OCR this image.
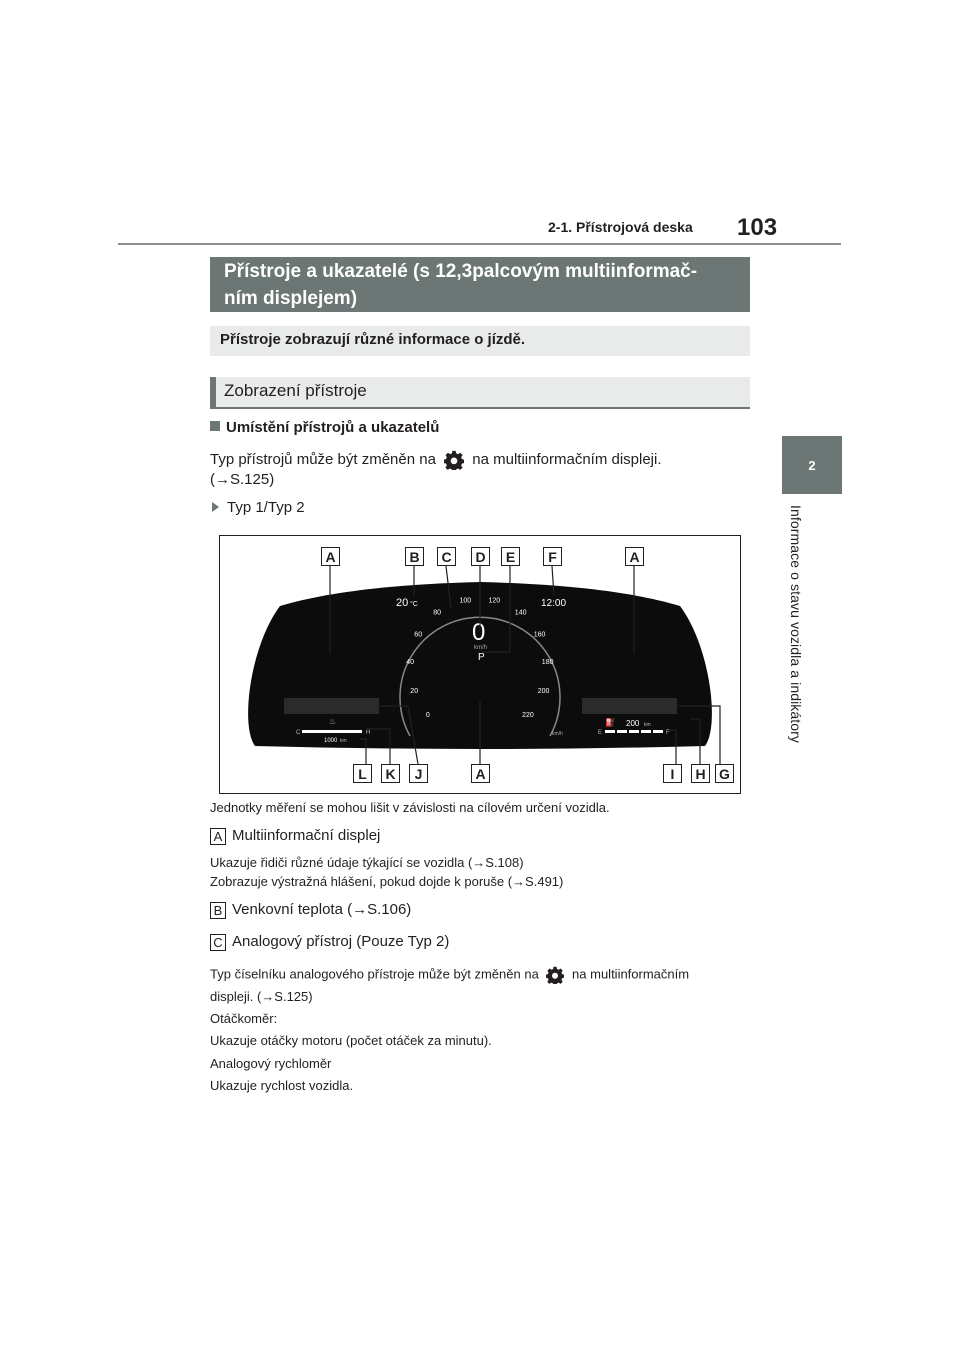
2-1. Přístrojová deska 103
2
Informace o stavu vozidla a indikátory
Přístroje a ukazatelé (s 12,3palcovým multiinformač-
ním displejem)
Přístroje zobrazují různé informace o jízdě.
Zobrazení přístroje
Umístění přístrojů a ukazatelů
Typ přístrojů může být změněn na na multiinformačním displeji.
(→S.125)
Typ 1/Typ 2
20 °C	12:00
0
km/h
P
0
20
40
60
80
100 120
140
160
180
200
220
km/h
C	H
1000 km
♨
E	F
200 km
⛽
A	B	C	D	E	F	A
L	K	J	A	I	H G
Jednotky měření se mohou lišit v závislosti na cílovém určení vozidla.
A Multiinformační displej
Ukazuje řidiči různé údaje týkající se vozidla (→S.108)
Zobrazuje výstražná hlášení, pokud dojde k poruše (→S.491)
B Venkovní teplota (→S.106)
C Analogový přístroj (Pouze Typ 2)
Typ číselníku analogového přístroje může být změněn na	na multiinformačním
displeji. (→S.125)
Otáčkoměr:
Ukazuje otáčky motoru (počet otáček za minutu).
Analogový rychloměr
Ukazuje rychlost vozidla.
